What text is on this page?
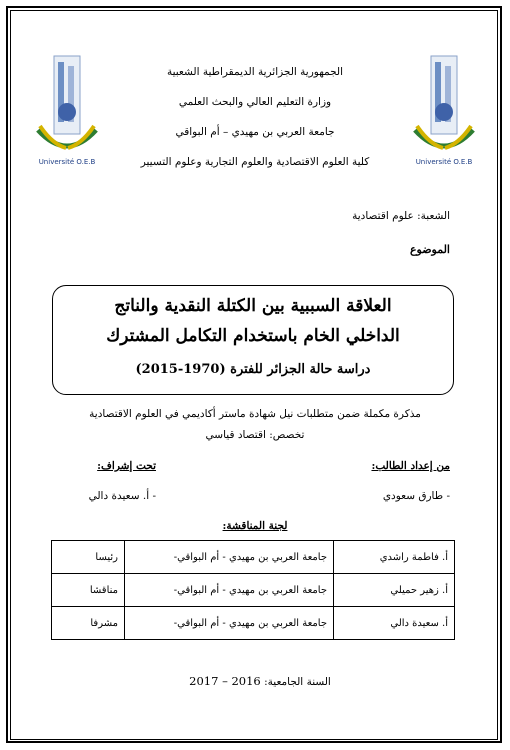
Université O.E.B	Université O.E.B
الجمهورية الجزائرية الديمقراطية الشعبية
وزارة التعليم العالي والبحث العلمي
جامعة العربي بن مهيدي – أم البواقي
كلية العلوم الاقتصادية والعلوم التجارية وعلوم التسيير
الشعبة: علوم اقتصادية
الموضوع
العلاقة السببية بين الكتلة النقدية والناتج
الداخلي الخام باستخدام التكامل المشترك
دراسة حالة الجزائر للفترة (1970-2015)
مذكرة مكملة ضمن متطلبات نيل شهادة ماستر أكاديمي في العلوم الاقتصادية
تخصص: اقتصاد قياسي
من إعداد الطالب:
- طارق سعودي
تحت إشراف:
- أ. سعيدة دالي
لجنة المناقشة:
أ. فاطمة راشدي	جامعة العربي بن مهيدي - أم البواقي-	رئيسا
أ. زهير حميلي	جامعة العربي بن مهيدي - أم البواقي-	مناقشا
أ. سعيدة دالي	جامعة العربي بن مهيدي - أم البواقي-	مشرفا
السنة الجامعية: 2016 – 2017
